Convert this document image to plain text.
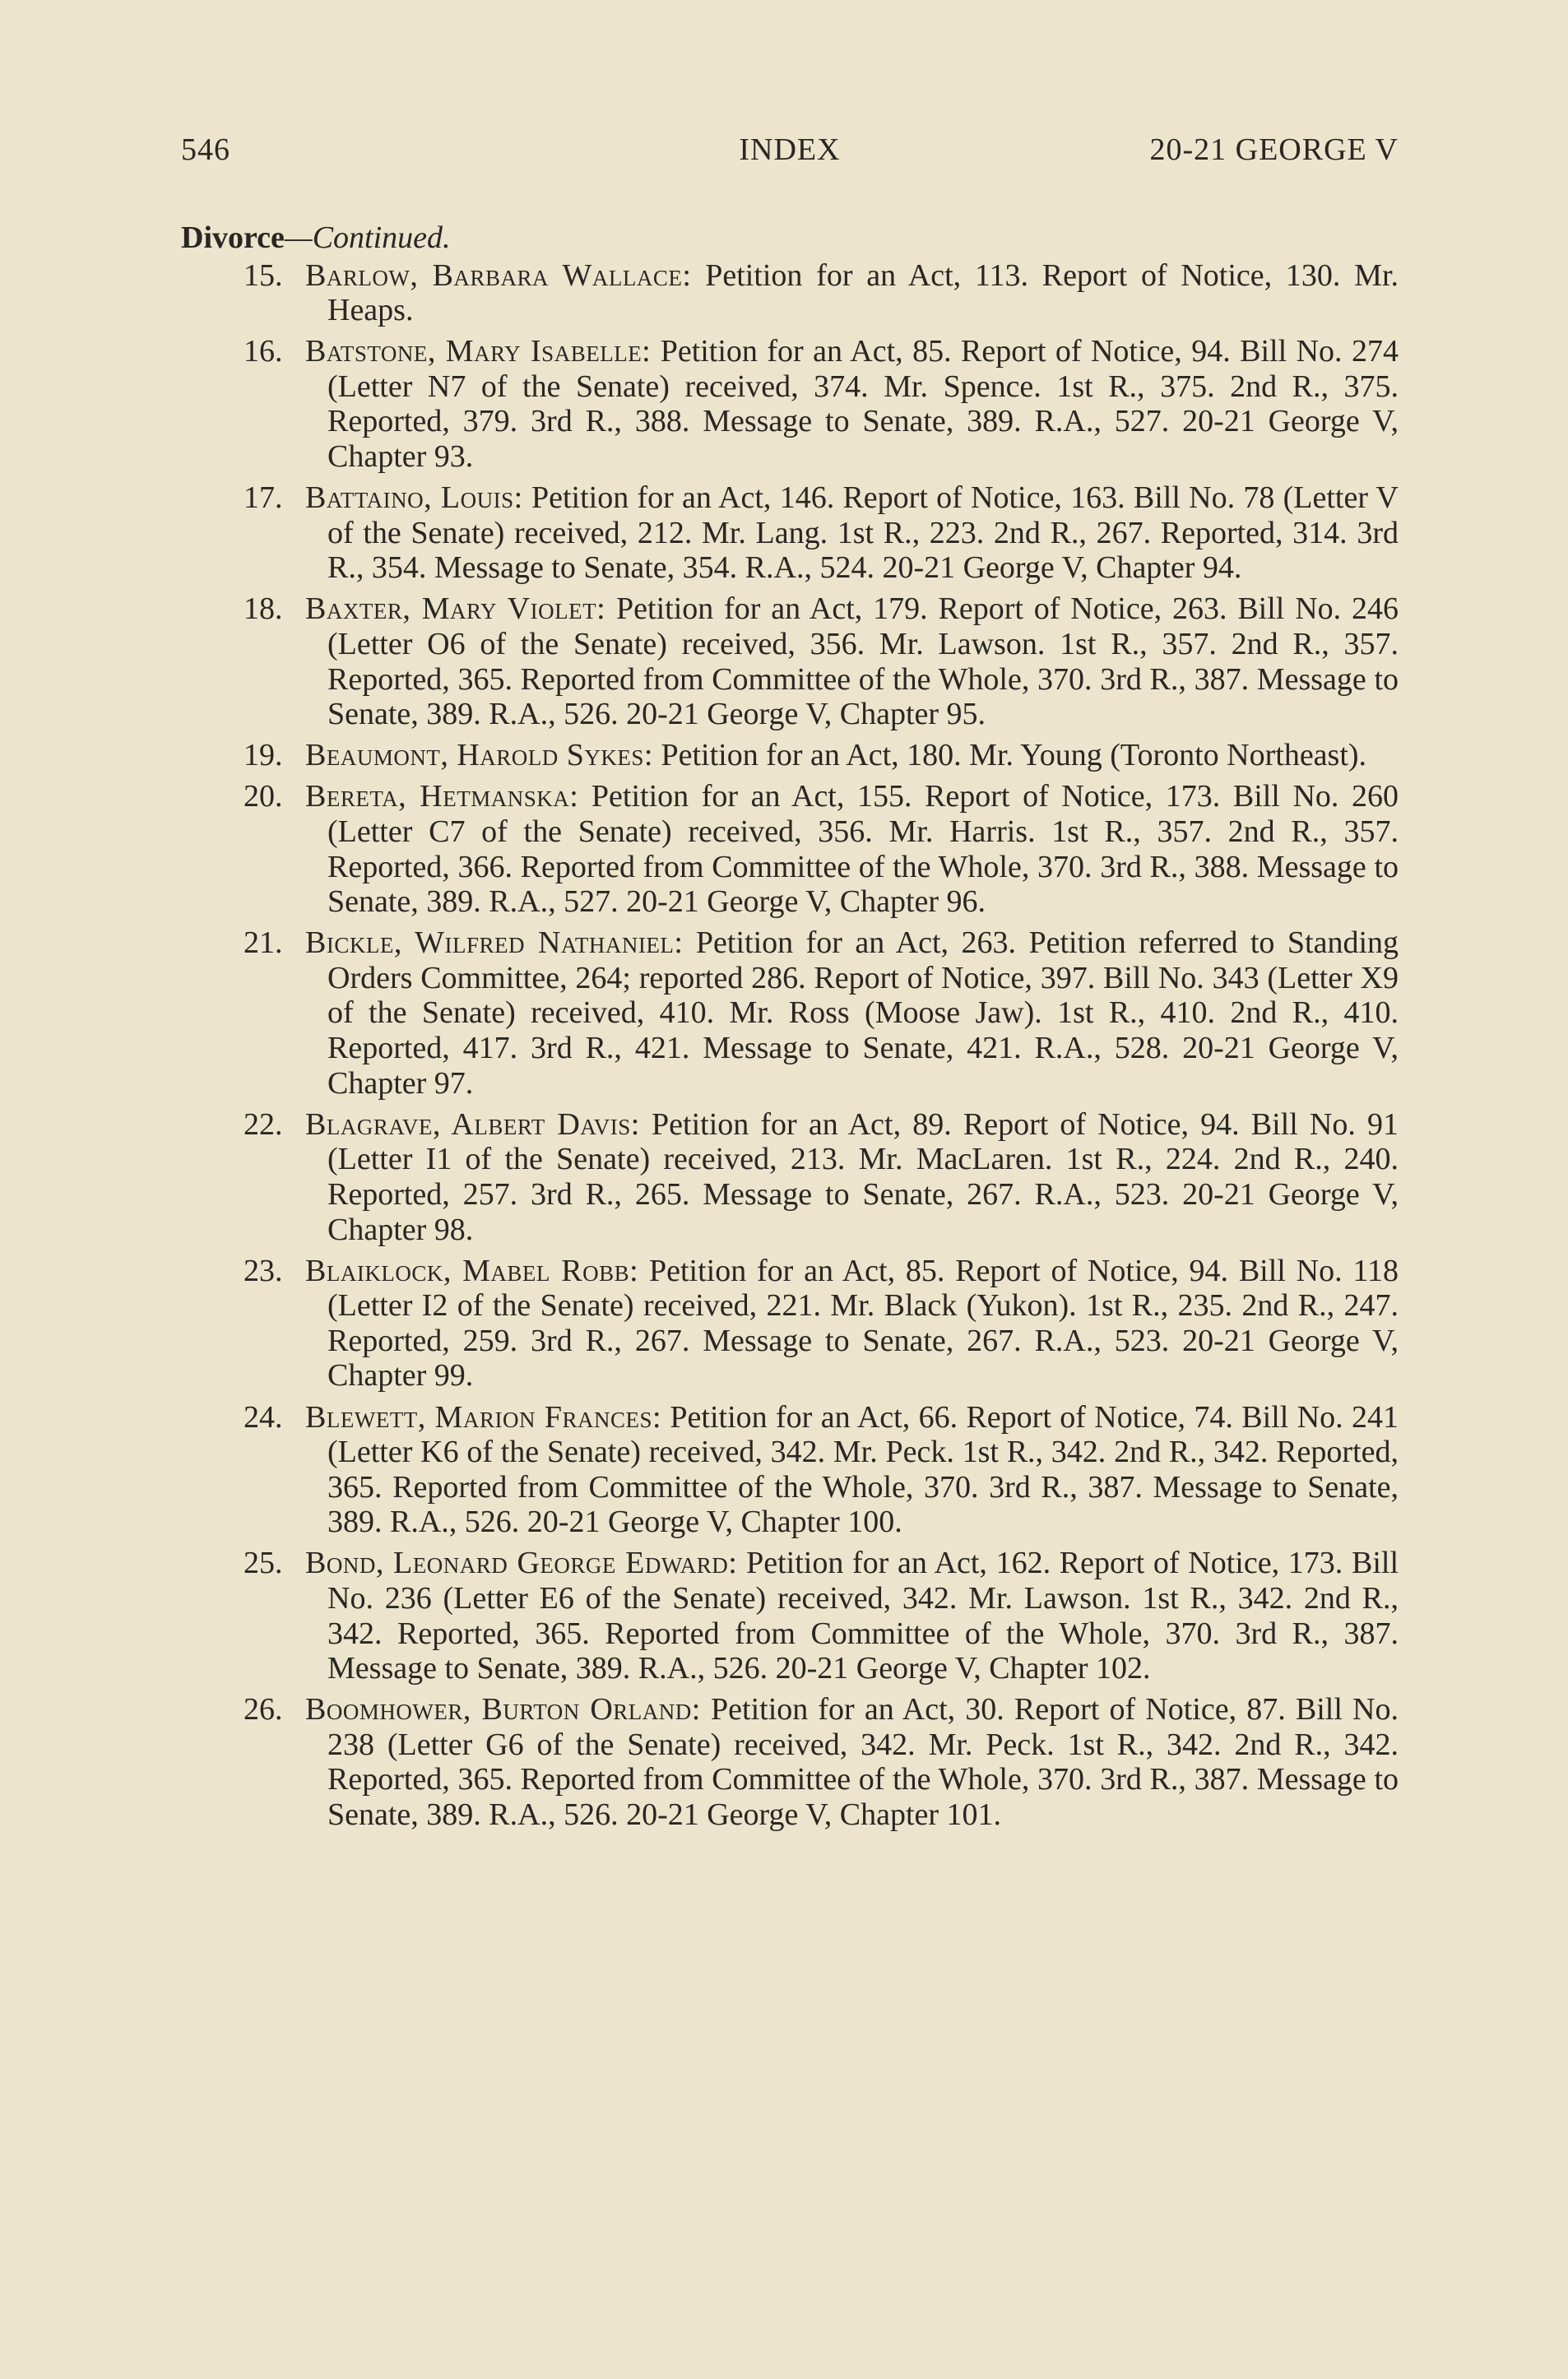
546	INDEX	20-21 GEORGE V
Divorce—Continued.
15. Barlow, Barbara Wallace: Petition for an Act, 113. Report of Notice, 130. Mr. Heaps.
16. Batstone, Mary Isabelle: Petition for an Act, 85. Report of Notice, 94. Bill No. 274 (Letter N7 of the Senate) received, 374. Mr. Spence. 1st R., 375. 2nd R., 375. Reported, 379. 3rd R., 388. Message to Senate, 389. R.A., 527. 20-21 George V, Chapter 93.
17. Battaino, Louis: Petition for an Act, 146. Report of Notice, 163. Bill No. 78 (Letter V of the Senate) received, 212. Mr. Lang. 1st R., 223. 2nd R., 267. Reported, 314. 3rd R., 354. Message to Senate, 354. R.A., 524. 20-21 George V, Chapter 94.
18. Baxter, Mary Violet: Petition for an Act, 179. Report of Notice, 263. Bill No. 246 (Letter O6 of the Senate) received, 356. Mr. Lawson. 1st R., 357. 2nd R., 357. Reported, 365. Reported from Committee of the Whole, 370. 3rd R., 387. Message to Senate, 389. R.A., 526. 20-21 George V, Chapter 95.
19. Beaumont, Harold Sykes: Petition for an Act, 180. Mr. Young (Toronto Northeast).
20. Bereta, Hetmanska: Petition for an Act, 155. Report of Notice, 173. Bill No. 260 (Letter C7 of the Senate) received, 356. Mr. Harris. 1st R., 357. 2nd R., 357. Reported, 366. Reported from Committee of the Whole, 370. 3rd R., 388. Message to Senate, 389. R.A., 527. 20-21 George V, Chapter 96.
21. Bickle, Wilfred Nathaniel: Petition for an Act, 263. Petition referred to Standing Orders Committee, 264; reported 286. Report of Notice, 397. Bill No. 343 (Letter X9 of the Senate) received, 410. Mr. Ross (Moose Jaw). 1st R., 410. 2nd R., 410. Reported, 417. 3rd R., 421. Message to Senate, 421. R.A., 528. 20-21 George V, Chapter 97.
22. Blagrave, Albert Davis: Petition for an Act, 89. Report of Notice, 94. Bill No. 91 (Letter I1 of the Senate) received, 213. Mr. MacLaren. 1st R., 224. 2nd R., 240. Reported, 257. 3rd R., 265. Message to Senate, 267. R.A., 523. 20-21 George V, Chapter 98.
23. Blaiklock, Mabel Robb: Petition for an Act, 85. Report of Notice, 94. Bill No. 118 (Letter I2 of the Senate) received, 221. Mr. Black (Yukon). 1st R., 235. 2nd R., 247. Reported, 259. 3rd R., 267. Message to Senate, 267. R.A., 523. 20-21 George V, Chapter 99.
24. Blewett, Marion Frances: Petition for an Act, 66. Report of Notice, 74. Bill No. 241 (Letter K6 of the Senate) received, 342. Mr. Peck. 1st R., 342. 2nd R., 342. Reported, 365. Reported from Committee of the Whole, 370. 3rd R., 387. Message to Senate, 389. R.A., 526. 20-21 George V, Chapter 100.
25. Bond, Leonard George Edward: Petition for an Act, 162. Report of Notice, 173. Bill No. 236 (Letter E6 of the Senate) received, 342. Mr. Lawson. 1st R., 342. 2nd R., 342. Reported, 365. Reported from Committee of the Whole, 370. 3rd R., 387. Message to Senate, 389. R.A., 526. 20-21 George V, Chapter 102.
26. Boomhower, Burton Orland: Petition for an Act, 30. Report of Notice, 87. Bill No. 238 (Letter G6 of the Senate) received, 342. Mr. Peck. 1st R., 342. 2nd R., 342. Reported, 365. Reported from Committee of the Whole, 370. 3rd R., 387. Message to Senate, 389. R.A., 526. 20-21 George V, Chapter 101.
